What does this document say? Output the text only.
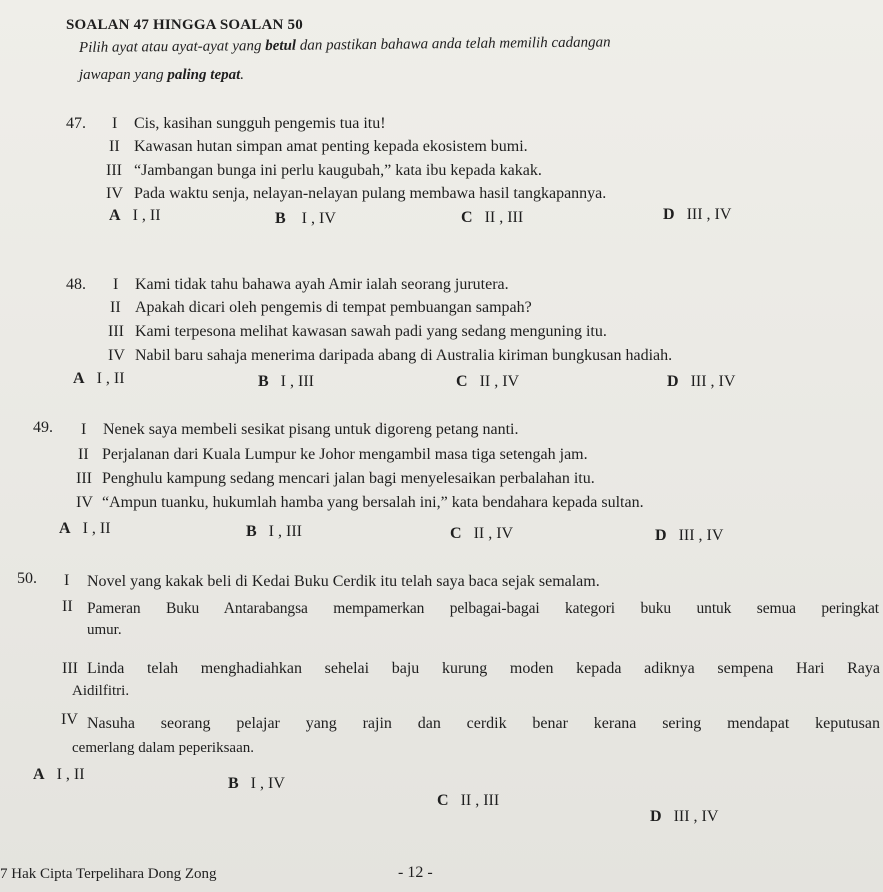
SOALAN 47 HINGGA SOALAN 50
Pilih ayat atau ayat-ayat yang betul dan pastikan bahawa anda telah memilih cadangan
jawapan yang paling tepat.
47. I Cis, kasihan sungguh pengemis tua itu!
II Kawasan hutan simpan amat penting kepada ekosistem bumi.
III “Jambangan bunga ini perlu kaugubah,” kata ibu kepada kakak.
IV Pada waktu senja, nelayan-nelayan pulang membawa hasil tangkapannya.
A I , II	B I , IV	C II , III	D III , IV
48. I Kami tidak tahu bahawa ayah Amir ialah seorang jurutera.
II Apakah dicari oleh pengemis di tempat pembuangan sampah?
III Kami terpesona melihat kawasan sawah padi yang sedang menguning itu.
IV Nabil baru sahaja menerima daripada abang di Australia kiriman bungkusan hadiah.
A I , II	B I , III	C II , IV	D III , IV
49. I Nenek saya membeli sesikat pisang untuk digoreng petang nanti.
II Perjalanan dari Kuala Lumpur ke Johor mengambil masa tiga setengah jam.
III Penghulu kampung sedang mencari jalan bagi menyelesaikan perbalahan itu.
IV “Ampun tuanku, hukumlah hamba yang bersalah ini,” kata bendahara kepada sultan.
A I , II	B I , III	C II , IV	D III , IV
50. I Novel yang kakak beli di Kedai Buku Cerdik itu telah saya baca sejak semalam.
II Pameran Buku Antarabangsa mempamerkan pelbagai-bagai kategori buku untuk semua peringkat
umur.
III Linda telah menghadiahkan sehelai baju kurung moden kepada adiknya sempena Hari Raya
Aidilfitri.
IV Nasuha seorang pelajar yang rajin dan cerdik benar kerana sering mendapat keputusan
cemerlang dalam peperiksaan.
A I , II
B I , IV
C II , III
D III , IV
7 Hak Cipta Terpelihara Dong Zong	- 12 -
